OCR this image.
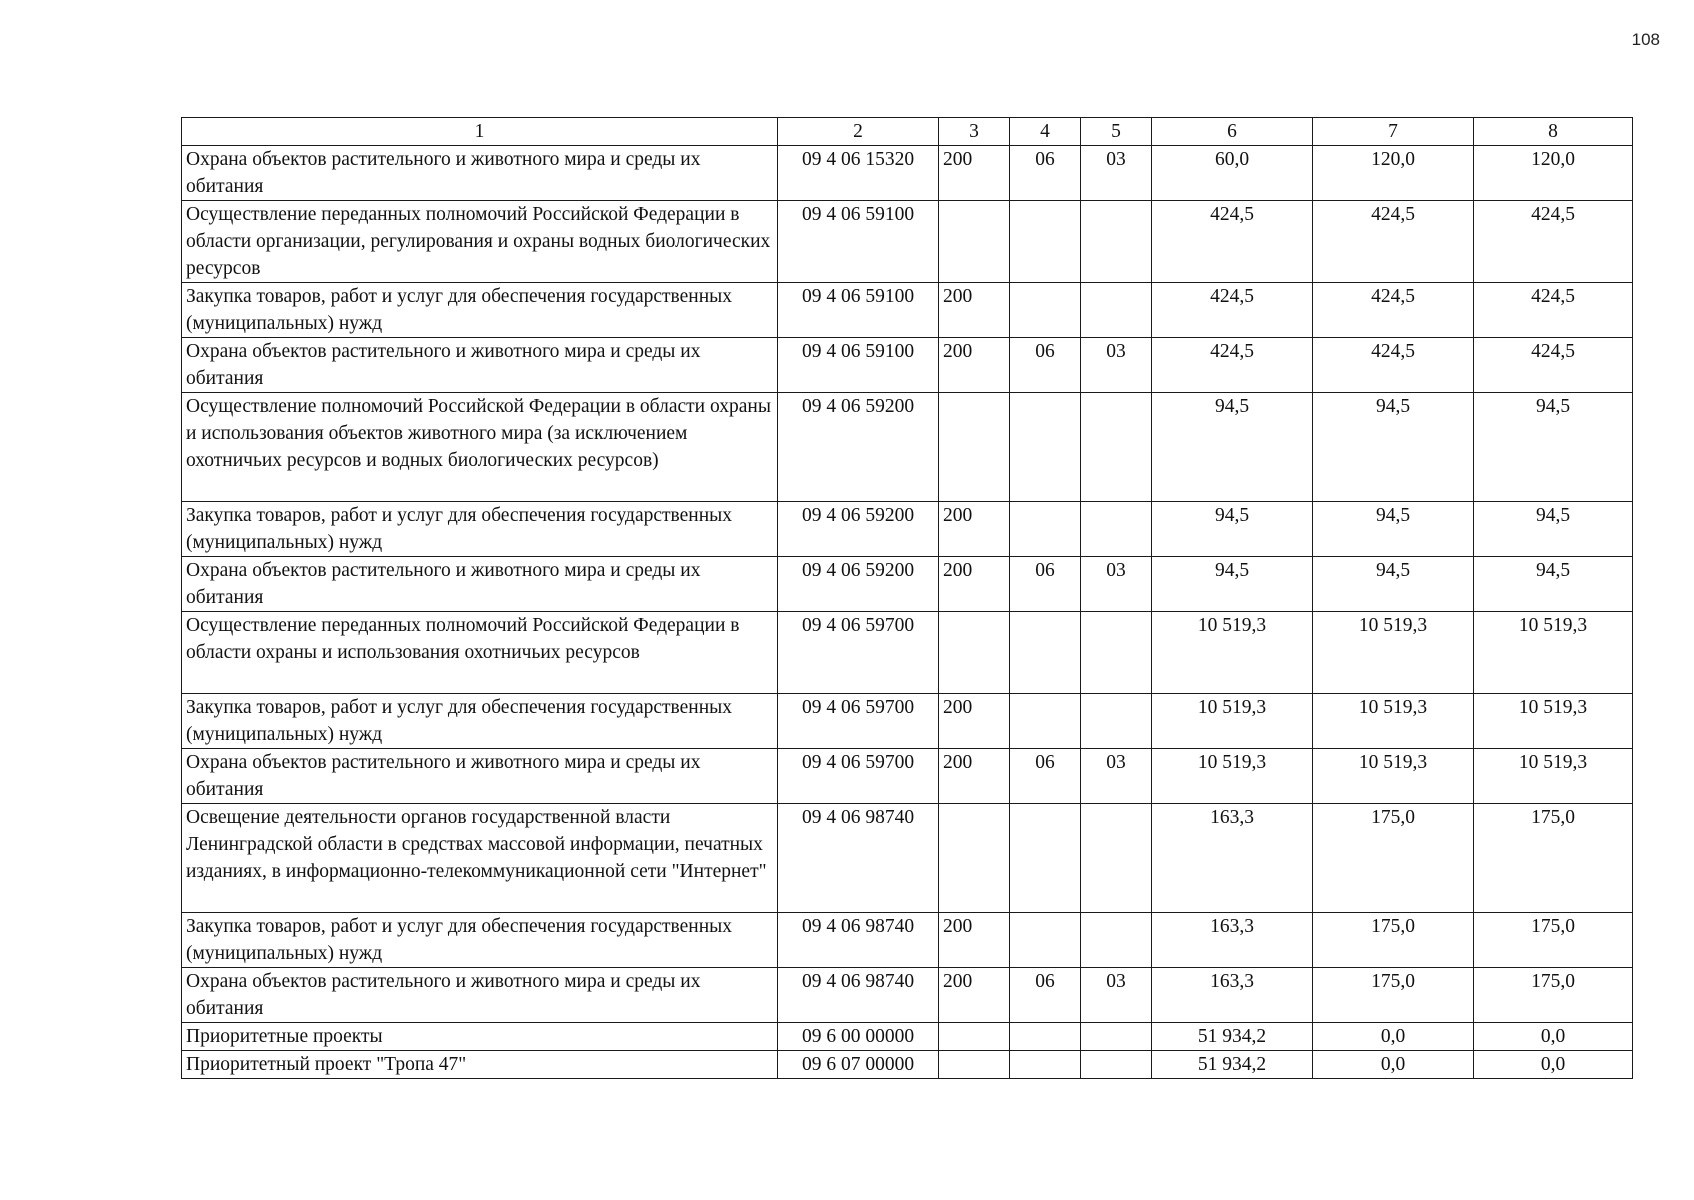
108
1	2	3	4	5	6	7	8
Охрана объектов растительного и животного мира и среды их обитания	09 4 06 15320	200	06	03	60,0	120,0	120,0
Осуществление переданных полномочий Российской Федерации в области организации, регулирования и охраны водных биологических ресурсов	09 4 06 59100				424,5	424,5	424,5
Закупка товаров, работ и услуг для обеспечения государственных (муниципальных) нужд	09 4 06 59100	200			424,5	424,5	424,5
Охрана объектов растительного и животного мира и среды их обитания	09 4 06 59100	200	06	03	424,5	424,5	424,5
Осуществление полномочий Российской Федерации в области охраны и использования объектов животного мира (за исключением охотничьих ресурсов и водных биологических ресурсов)	09 4 06 59200				94,5	94,5	94,5
Закупка товаров, работ и услуг для обеспечения государственных (муниципальных) нужд	09 4 06 59200	200			94,5	94,5	94,5
Охрана объектов растительного и животного мира и среды их обитания	09 4 06 59200	200	06	03	94,5	94,5	94,5
Осуществление переданных полномочий Российской Федерации в области охраны и использования охотничьих ресурсов	09 4 06 59700				10 519,3	10 519,3	10 519,3
Закупка товаров, работ и услуг для обеспечения государственных (муниципальных) нужд	09 4 06 59700	200			10 519,3	10 519,3	10 519,3
Охрана объектов растительного и животного мира и среды их обитания	09 4 06 59700	200	06	03	10 519,3	10 519,3	10 519,3
Освещение деятельности органов государственной власти Ленинградской области в средствах массовой информации, печатных изданиях, в информационно-телекоммуникационной сети "Интернет"	09 4 06 98740				163,3	175,0	175,0
Закупка товаров, работ и услуг для обеспечения государственных (муниципальных) нужд	09 4 06 98740	200			163,3	175,0	175,0
Охрана объектов растительного и животного мира и среды их обитания	09 4 06 98740	200	06	03	163,3	175,0	175,0
Приоритетные проекты	09 6 00 00000				51 934,2	0,0	0,0
Приоритетный проект "Тропа 47"	09 6 07 00000				51 934,2	0,0	0,0
